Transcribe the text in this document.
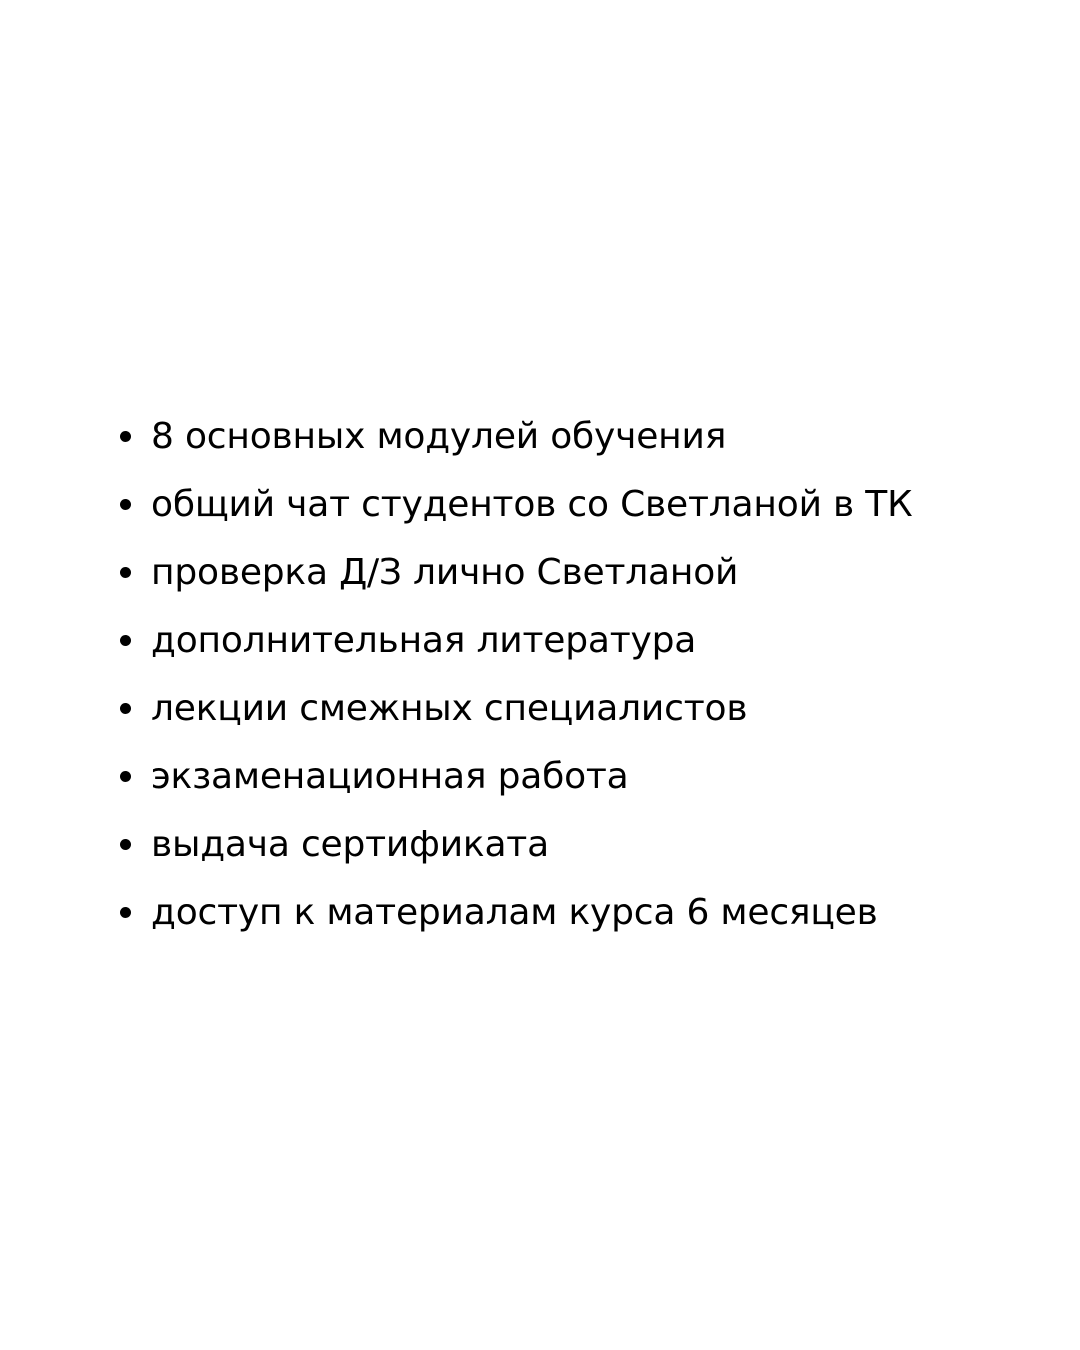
8 основных модулей обучения
общий чат студентов со Светланой в ТК
проверка Д/З лично Светланой
дополнительная литература
лекции смежных специалистов
экзаменационная работа
выдача сертификата
доступ к материалам курса 6 месяцев
